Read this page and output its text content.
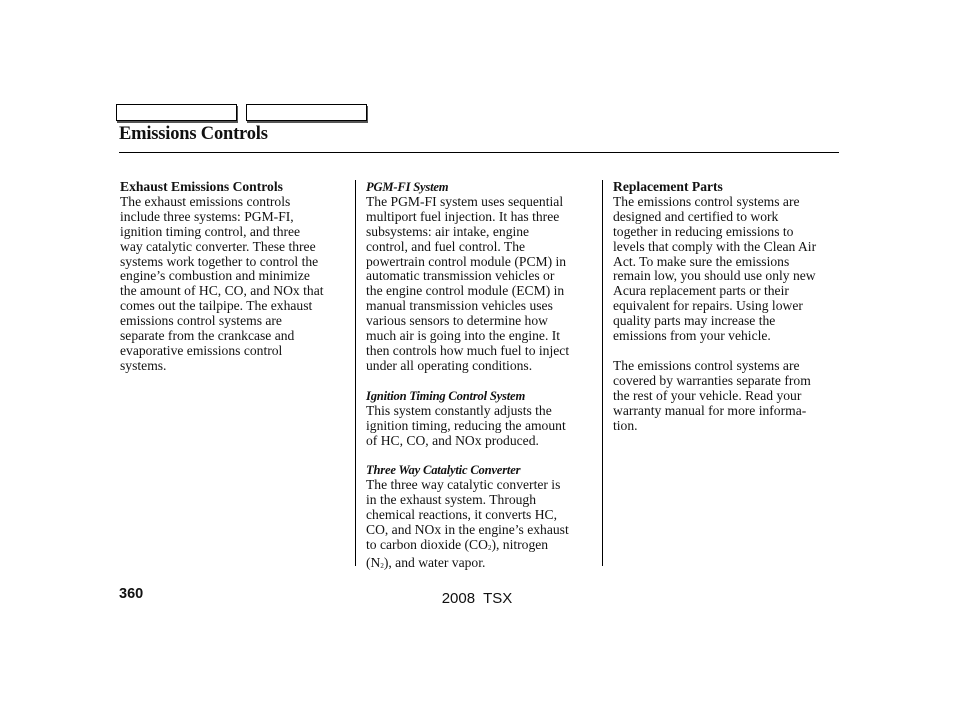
Emissions Controls
Exhaust Emissions Controls
The exhaust emissions controls
include three systems: PGM-FI,
ignition timing control, and three
way catalytic converter. These three
systems work together to control the
engine’s combustion and minimize
the amount of HC, CO, and NOx that
comes out the tailpipe. The exhaust
emissions control systems are
separate from the crankcase and
evaporative emissions control
systems.
PGM-FI System
The PGM-FI system uses sequential
multiport fuel injection. It has three
subsystems: air intake, engine
control, and fuel control. The
powertrain control module (PCM) in
automatic transmission vehicles or
the engine control module (ECM) in
manual transmission vehicles uses
various sensors to determine how
much air is going into the engine. It
then controls how much fuel to inject
under all operating conditions.
Ignition Timing Control System
This system constantly adjusts the
ignition timing, reducing the amount
of HC, CO, and NOx produced.
Three Way Catalytic Converter
The three way catalytic converter is
in the exhaust system. Through
chemical reactions, it converts HC,
CO, and NOx in the engine’s exhaust
to carbon dioxide $(CO_2)$, nitrogen
$(N_2)$, and water vapor.
Replacement Parts
The emissions control systems are
designed and certified to work
together in reducing emissions to
levels that comply with the Clean Air
Act. To make sure the emissions
remain low, you should use only new
Acura replacement parts or their
equivalent for repairs. Using lower
quality parts may increase the
emissions from your vehicle.
The emissions control systems are
covered by warranties separate from
the rest of your vehicle. Read your
warranty manual for more informa-
tion.
360	2008  TSX
